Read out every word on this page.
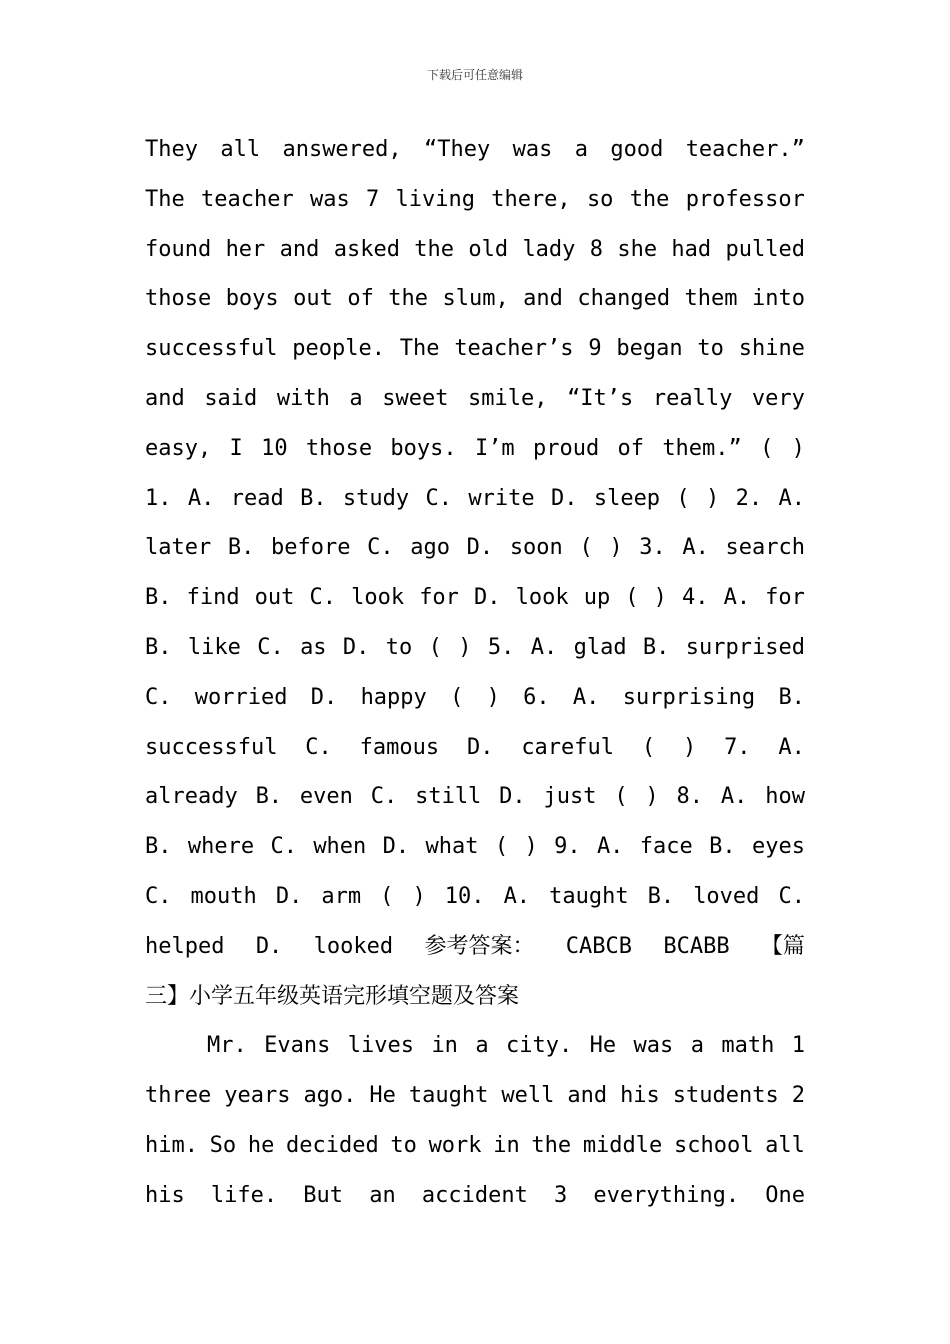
下载后可任意编辑
They all answered, “They was a good teacher.”
The teacher was 7 living there, so the professor
found her and asked the old lady 8 she had pulled
those boys out of the slum, and changed them into
successful people. The teacher’s 9 began to shine
and said with a sweet smile, “It’s really very
easy, I 10 those boys. I’m proud of them.” ( )
1. A. read B. study C. write D. sleep ( ) 2. A.
later B. before C. ago D. soon ( ) 3. A. search
B. find out C. look for D. look up ( ) 4. A. for
B. like C. as D. to ( ) 5. A. glad B. surprised
C. worried D. happy ( ) 6. A. surprising B.
successful C. famous D. careful ( ) 7. A.
already B. even C. still D. just ( ) 8. A. how
B. where C. when D. what ( ) 9. A. face B. eyes
C. mouth D. arm ( ) 10. A. taught B. loved C.
helped D. looked 参考答案： CABCB BCABB 【篇
三】小学五年级英语完形填空题及答案
Mr. Evans lives in a city. He was a math 1
three years ago. He taught well and his students 2
him. So he decided to work in the middle school all
his life. But an accident 3 everything. One
